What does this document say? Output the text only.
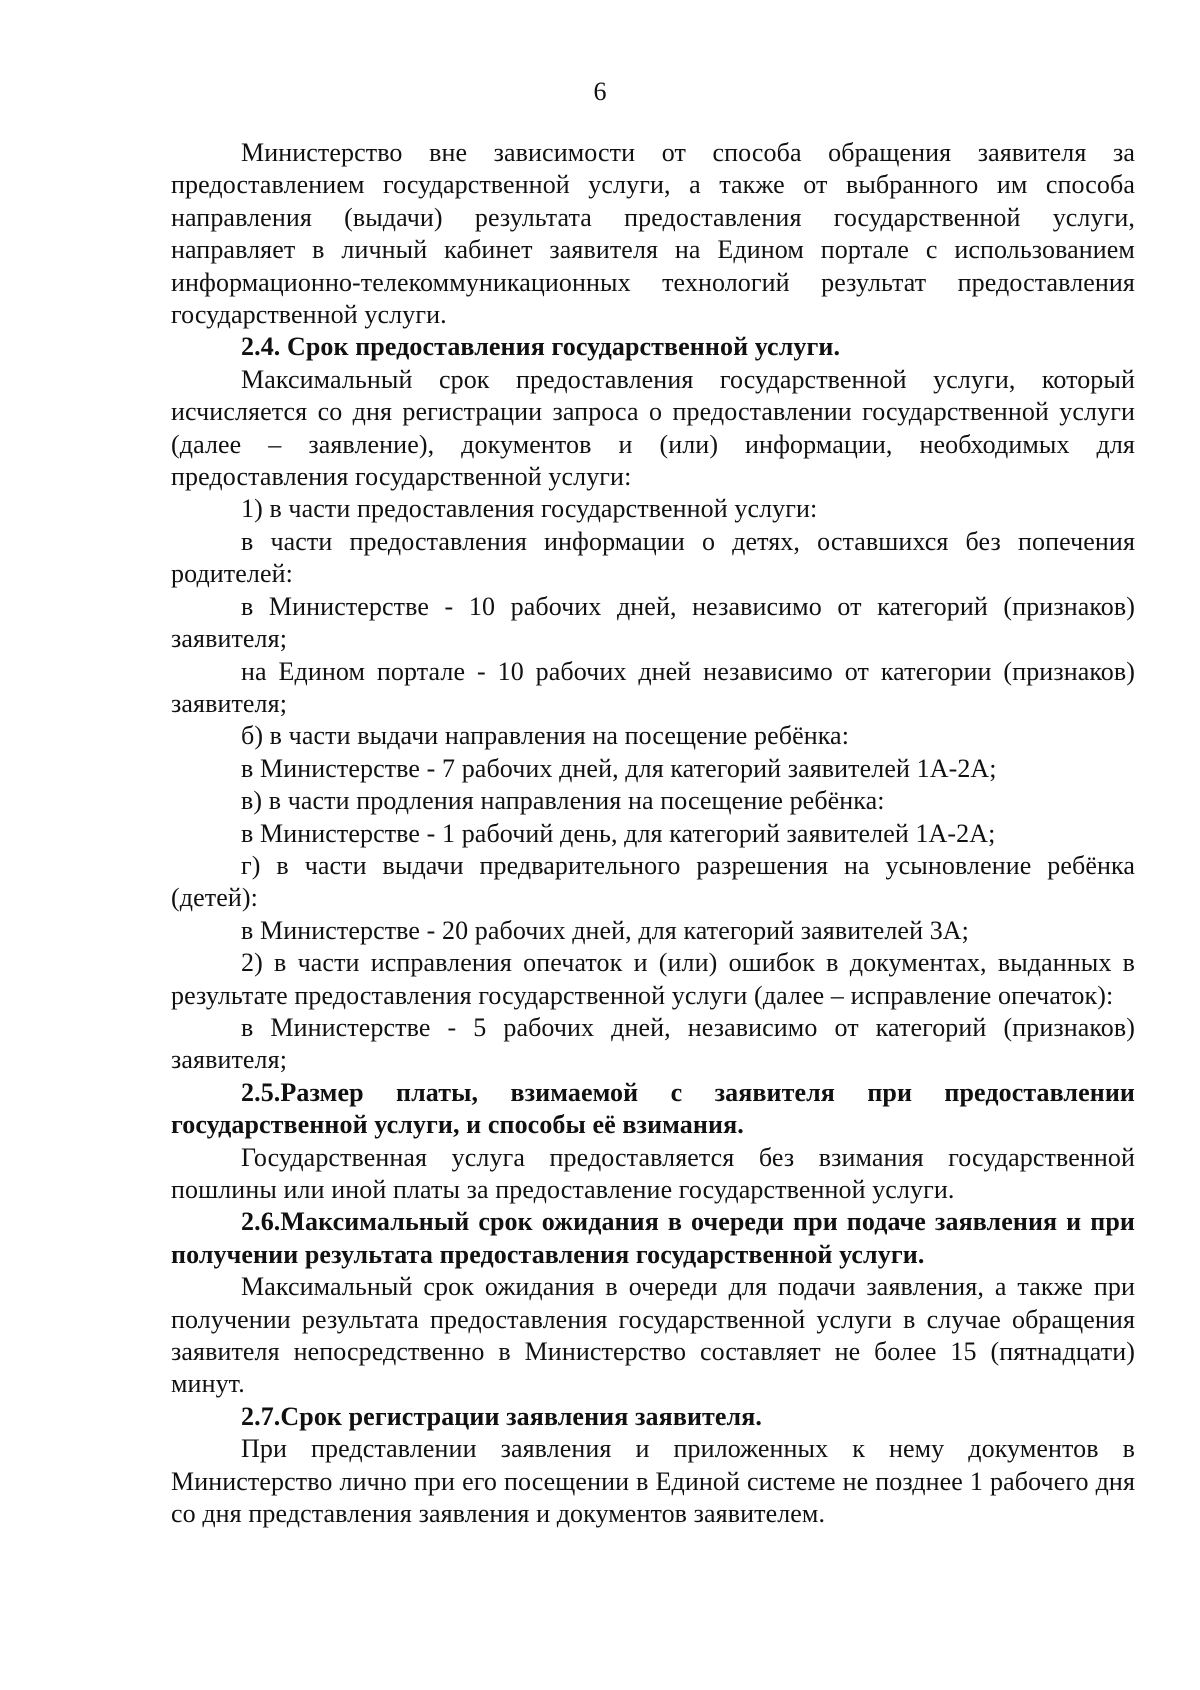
6

Министерство вне зависимости от способа обращения заявителя за предоставлением государственной услуги, а также от выбранного им способа направления (выдачи) результата предоставления государственной услуги, направляет в личный кабинет заявителя на Едином портале с использованием информационно-телекоммуникационных технологий результат предоставления государственной услуги.

2.4. Срок предоставления государственной услуги.

Максимальный срок предоставления государственной услуги, который исчисляется со дня регистрации запроса о предоставлении государственной услуги (далее – заявление), документов и (или) информации, необходимых для предоставления государственной услуги:

1) в части предоставления государственной услуги:

в части предоставления информации о детях, оставшихся без попечения родителей:

в Министерстве - 10 рабочих дней, независимо от категорий (признаков) заявителя;

на Едином портале - 10 рабочих дней независимо от категории (признаков) заявителя;

б) в части выдачи направления на посещение ребёнка:

в Министерстве - 7 рабочих дней, для категорий заявителей 1А-2А;

в) в части продления направления на посещение ребёнка:

в Министерстве - 1 рабочий день, для категорий заявителей 1А-2А;

г) в части выдачи предварительного разрешения на усыновление ребёнка (детей):

в Министерстве - 20 рабочих дней, для категорий заявителей 3А;

2) в части исправления опечаток и (или) ошибок в документах, выданных в результате предоставления государственной услуги (далее – исправление опечаток):

в Министерстве - 5 рабочих дней, независимо от категорий (признаков) заявителя;

2.5.Размер платы, взимаемой с заявителя при предоставлении государственной услуги, и способы её взимания.

Государственная услуга предоставляется без взимания государственной пошлины или иной платы за предоставление государственной услуги.

2.6.Максимальный срок ожидания в очереди при подаче заявления и при получении результата предоставления государственной услуги.

Максимальный срок ожидания в очереди для подачи заявления, а также при получении результата предоставления государственной услуги в случае обращения заявителя непосредственно в Министерство составляет не более 15 (пятнадцати) минут.

2.7.Срок регистрации заявления заявителя.

При представлении заявления и приложенных к нему документов в Министерство лично при его посещении в Единой системе не позднее 1 рабочего дня со дня представления заявления и документов заявителем.
